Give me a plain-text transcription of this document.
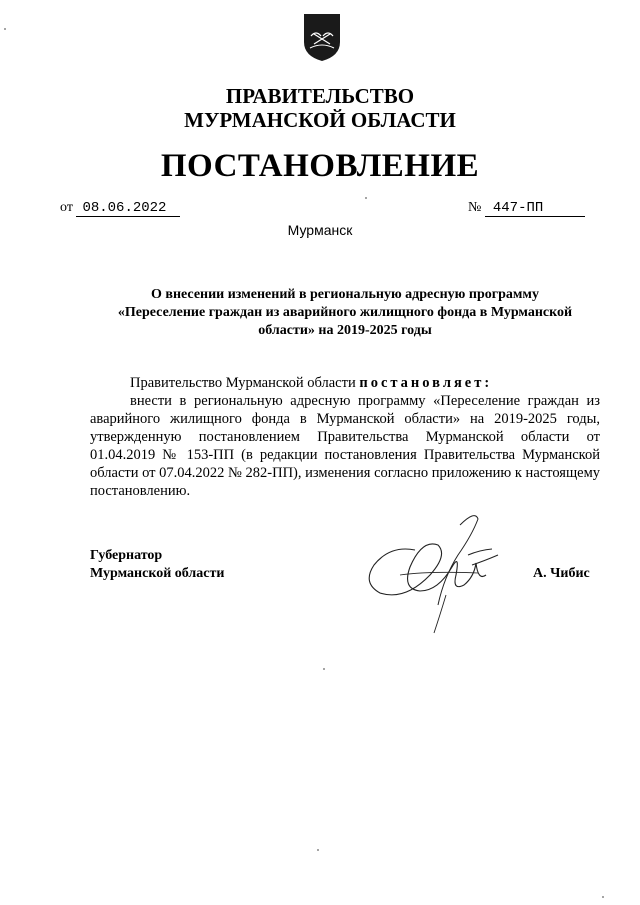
ПРАВИТЕЛЬСТВО
МУРМАНСКОЙ ОБЛАСТИ
ПОСТАНОВЛЕНИЕ
от 08.06.2022	№ 447-ПП
Мурманск
О внесении изменений в региональную адресную программу
«Переселение граждан из аварийного жилищного фонда в Мурманской
области» на 2019-2025 годы
Правительство Мурманской области постановляет:
внести в региональную адресную программу «Переселение граждан из аварийного жилищного фонда в Мурманской области» на 2019-2025 годы, утвержденную постановлением Правительства Мурманской области от 01.04.2019 № 153-ПП (в редакции постановления Правительства Мурманской области от 07.04.2022 № 282-ПП), изменения согласно приложению к настоящему постановлению.
Губернатор
Мурманской области	А. Чибис
